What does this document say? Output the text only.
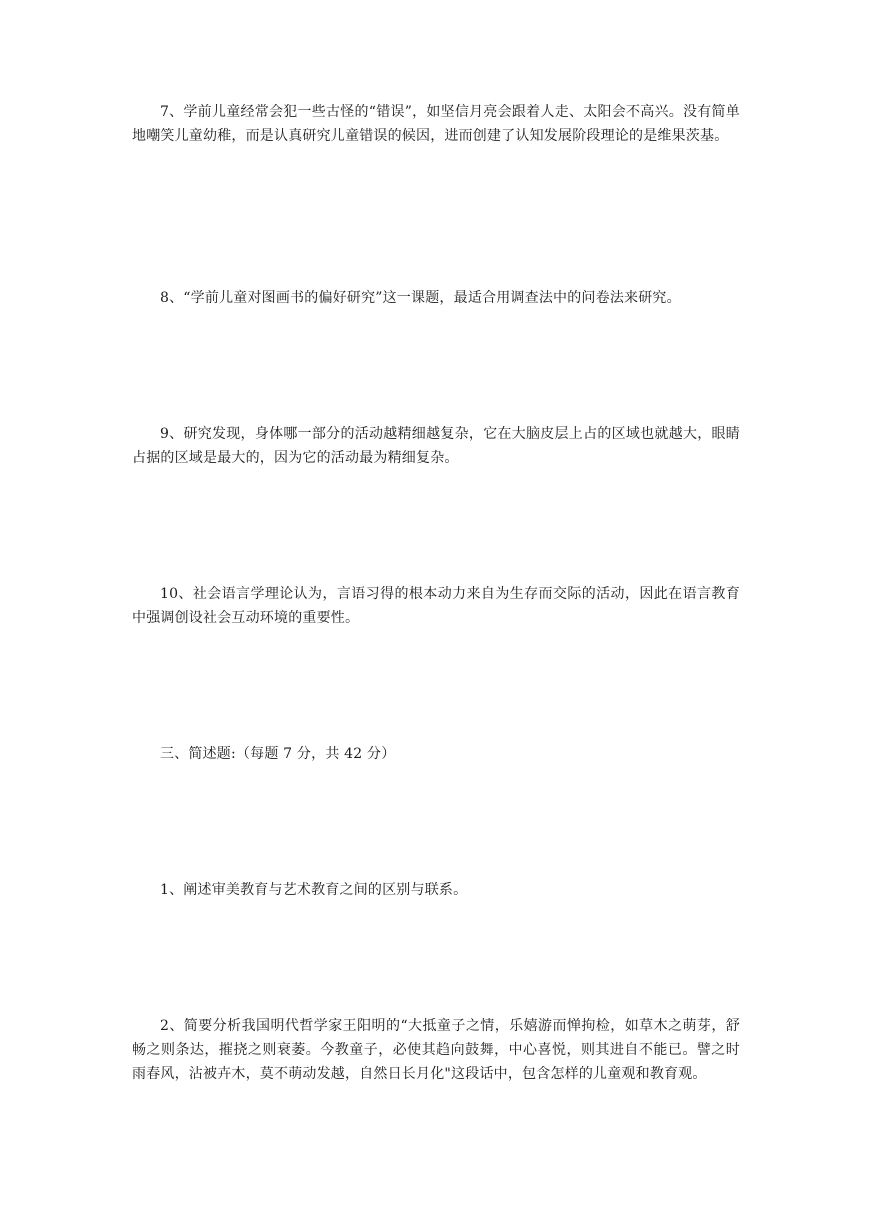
7、学前儿童经常会犯一些古怪的“错误”，如坚信月亮会跟着人走、太阳会不高兴。没有简单地嘲笑儿童幼稚，而是认真研究儿童错误的候因，进而创建了认知发展阶段理论的是维果茨基。

8、“学前儿童对图画书的偏好研究”这一课题，最适合用调查法中的问卷法来研究。

9、研究发现，身体哪一部分的活动越精细越复杂，它在大脑皮层上占的区域也就越大，眼睛占据的区域是最大的，因为它的活动最为精细复杂。

10、社会语言学理论认为，言语习得的根本动力来自为生存而交际的活动，因此在语言教育中强调创设社会互动环境的重要性。

三、简述题:（每题 7 分，共 42 分）

1、阐述审美教育与艺术教育之间的区别与联系。

2、简要分析我国明代哲学家王阳明的“大抵童子之情，乐嬉游而惮拘检，如草木之萌芽，舒畅之则条达，摧挠之则衰萎。今教童子，必使其趋向鼓舞，中心喜悦，则其进自不能已。譬之时雨春风，沾被卉木，莫不萌动发越，自然日长月化"这段话中，包含怎样的儿童观和教育观。
